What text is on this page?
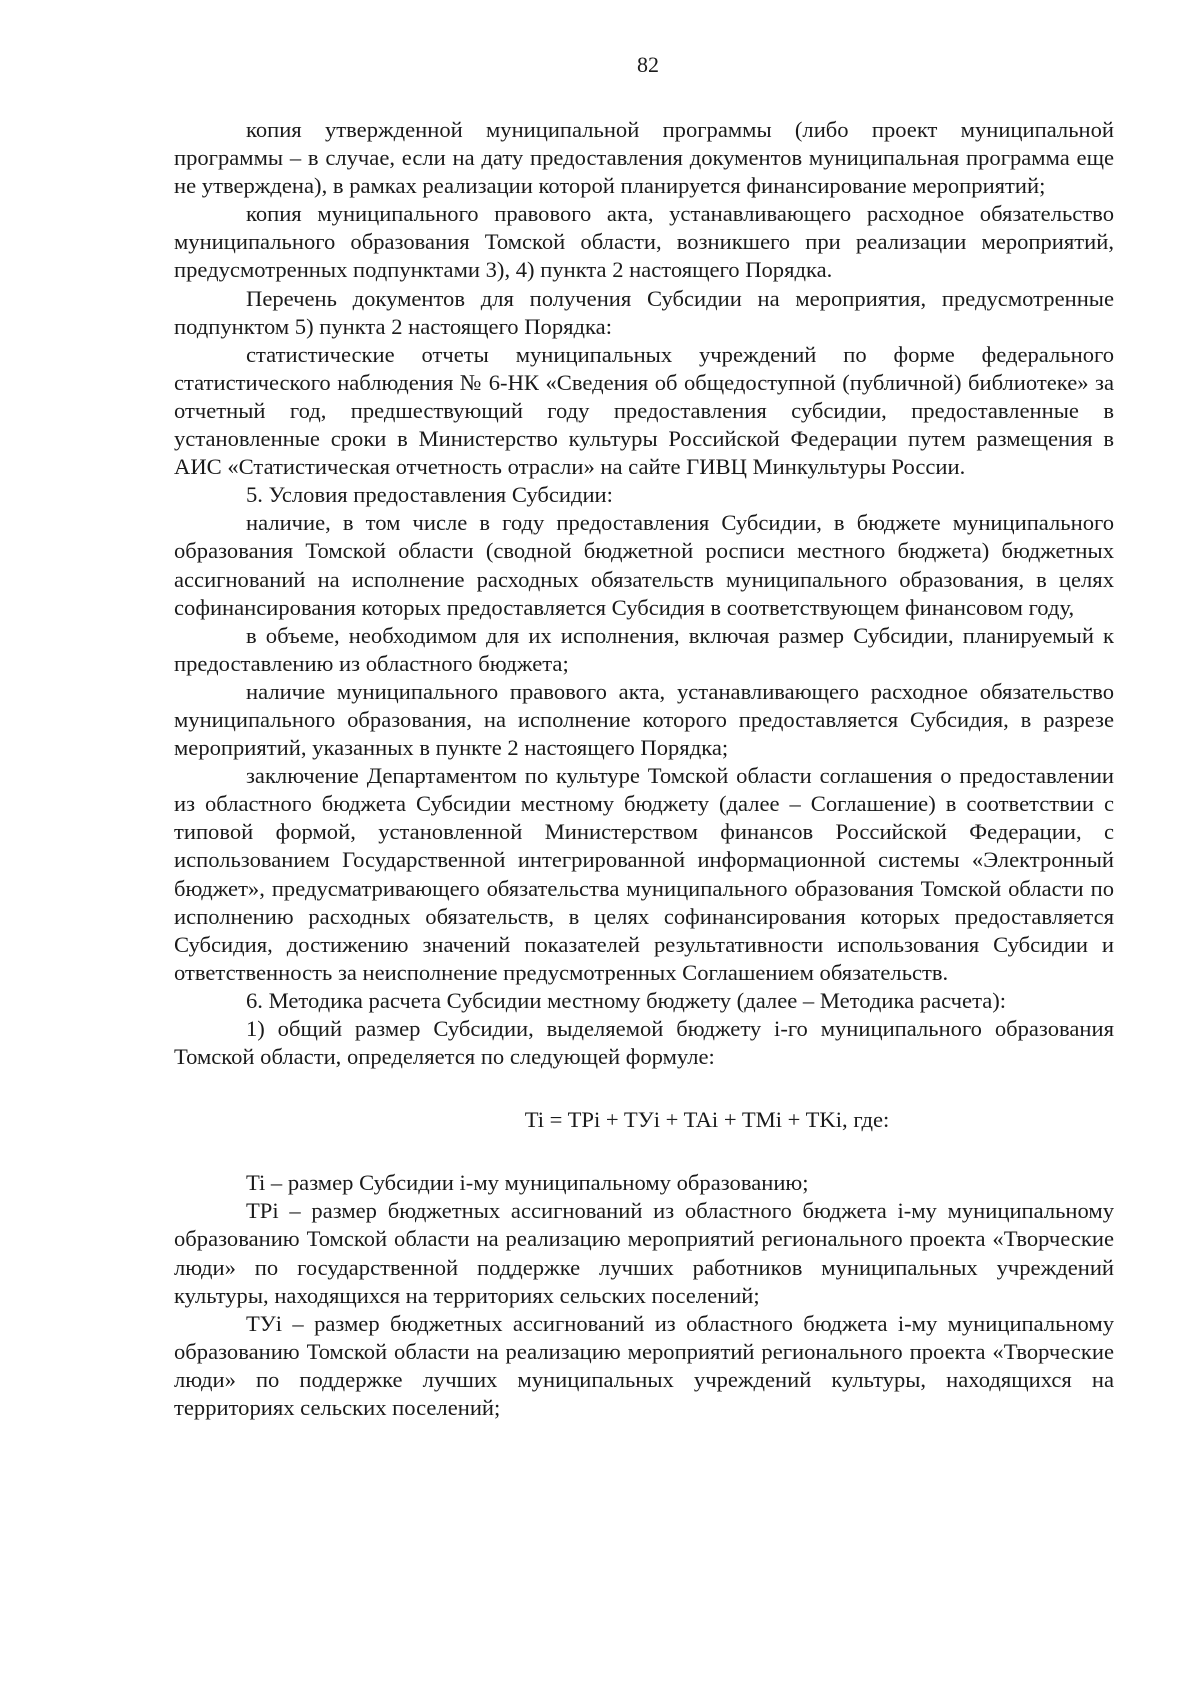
82

копия утвержденной муниципальной программы (либо проект муниципальной программы – в случае, если на дату предоставления документов муниципальная программа еще не утверждена), в рамках реализации которой планируется финансирование мероприятий;

копия муниципального правового акта, устанавливающего расходное обязательство муниципального образования Томской области, возникшего при реализации мероприятий, предусмотренных подпунктами 3), 4) пункта 2 настоящего Порядка.

Перечень документов для получения Субсидии на мероприятия, предусмотренные подпунктом 5) пункта 2 настоящего Порядка:

статистические отчеты муниципальных учреждений по форме федерального статистического наблюдения № 6-НК «Сведения об общедоступной (публичной) библиотеке» за отчетный год, предшествующий году предоставления субсидии, предоставленные в установленные сроки в Министерство культуры Российской Федерации путем размещения в АИС «Статистическая отчетность отрасли» на сайте ГИВЦ Минкультуры России.

5. Условия предоставления Субсидии:

наличие, в том числе в году предоставления Субсидии, в бюджете муниципального образования Томской области (сводной бюджетной росписи местного бюджета) бюджетных ассигнований на исполнение расходных обязательств муниципального образования, в целях софинансирования которых предоставляется Субсидия в соответствующем финансовом году,

в объеме, необходимом для их исполнения, включая размер Субсидии, планируемый к предоставлению из областного бюджета;

наличие муниципального правового акта, устанавливающего расходное обязательство муниципального образования, на исполнение которого предоставляется Субсидия, в разрезе мероприятий, указанных в пункте 2 настоящего Порядка;

заключение Департаментом по культуре Томской области соглашения о предоставлении из областного бюджета Субсидии местному бюджету (далее – Соглашение) в соответствии с типовой формой, установленной Министерством финансов Российской Федерации, с использованием Государственной интегрированной информационной системы «Электронный бюджет», предусматривающего обязательства муниципального образования Томской области по исполнению расходных обязательств, в целях софинансирования которых предоставляется Субсидия, достижению значений показателей результативности использования Субсидии и ответственность за неисполнение предусмотренных Соглашением обязательств.

6. Методика расчета Субсидии местному бюджету (далее – Методика расчета):

1) общий размер Субсидии, выделяемой бюджету i-го муниципального образования Томской области, определяется по следующей формуле:

Ti = TPi + TУi + TAi + TMi + TKi, где:

Ti – размер Субсидии i-му муниципальному образованию;

TPi – размер бюджетных ассигнований из областного бюджета i-му муниципальному образованию Томской области на реализацию мероприятий регионального проекта «Творческие люди» по государственной поддержке лучших работников муниципальных учреждений культуры, находящихся на территориях сельских поселений;

TУi – размер бюджетных ассигнований из областного бюджета i-му муниципальному образованию Томской области на реализацию мероприятий регионального проекта «Творческие люди» по поддержке лучших муниципальных учреждений культуры, находящихся на территориях сельских поселений;
